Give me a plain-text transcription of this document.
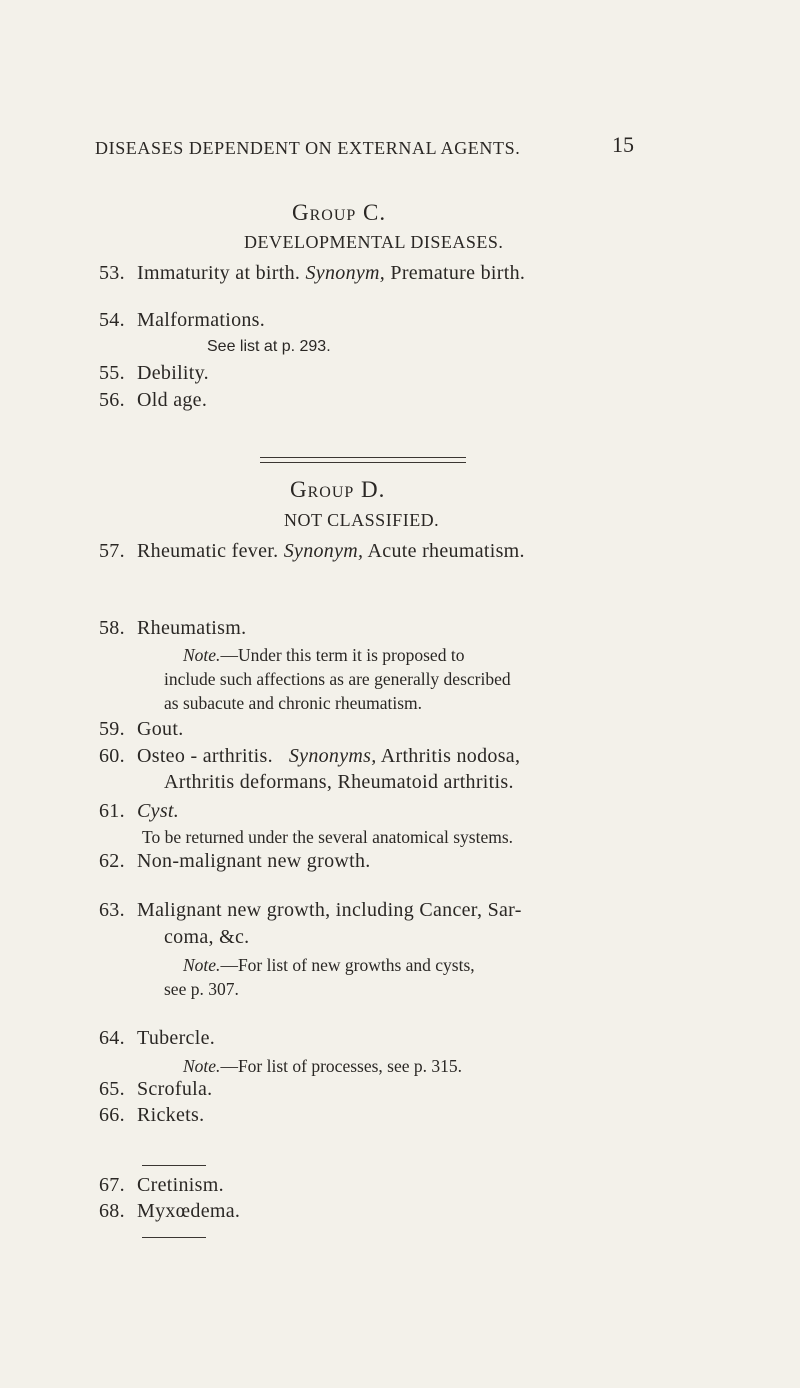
DISEASES DEPENDENT ON EXTERNAL AGENTS.	15
Group C.
DEVELOPMENTAL DISEASES.
53. Immaturity at birth. Synonym, Premature birth.
54. Malformations.
See list at p. 293.
55. Debility.
56. Old age.
Group D.
NOT CLASSIFIED.
57. Rheumatic fever. Synonym, Acute rheumatism.
58. Rheumatism.
Note.—Under this term it is proposed to
include such affections as are generally described
as subacute and chronic rheumatism.
59. Gout.
60. Osteo - arthritis. Synonyms, Arthritis nodosa,
Arthritis deformans, Rheumatoid arthritis.
61. Cyst.
To be returned under the several anatomical systems.
62. Non-malignant new growth.
63. Malignant new growth, including Cancer, Sar-
coma, &c.
Note.—For list of new growths and cysts,
see p. 307.
64. Tubercle.
Note.—For list of processes, see p. 315.
65. Scrofula.
66. Rickets.
67. Cretinism.
68. Myxœdema.
